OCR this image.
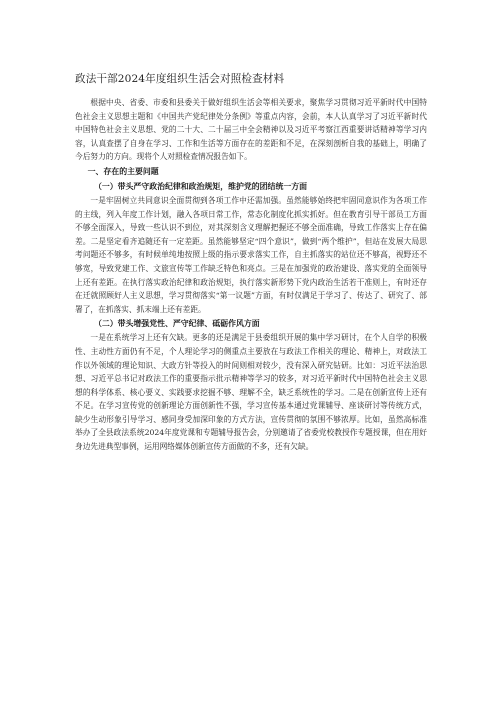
政法干部2024年度组织生活会对照检查材料

根据中央、省委、市委和县委关于做好组织生活会等相关要求，聚焦学习贯彻习近平新时代中国特色社会主义思想主题和《中国共产党纪律处分条例》等重点内容，会前，本人认真学习了习近平新时代中国特色社会主义思想、党的二十大、二十届三中全会精神以及习近平考察江西重要讲话精神等学习内容，认真查摆了自身在学习、工作和生活等方面存在的差距和不足，在深刻剖析自我的基础上，明确了今后努力的方向。现将个人对照检查情况报告如下。

一、存在的主要问题
（一）带头严守政治纪律和政治规矩，维护党的团结统一方面

一是牢固树立共同意识全面贯彻到各项工作中还需加强。虽然能够始终把牢固同意识作为各项工作的主线，列入年度工作计划，融入各项日常工作，常态化制度化抓实抓好。但在教育引导干部员工方面不够全面深入，导致一些认识不到位，对其深刻含义理解把握还不够全面准确，导致工作落实上存在偏差。二是坚定看齐追随还有一定差距。虽然能够坚定“四个意识”，做到“两个维护”，但站在发展大局思考问题还不够多，有时候单纯地按照上级的指示要求落实工作，自主抓落实的站位还不够高，视野还不够宽，导致党建工作、文旅宣传等工作缺乏特色和亮点。三是在加强党的政治建设、落实党的全面领导上还有差距。在执行落实政治纪律和政治规矩，执行落实新形势下党内政治生活若干准则上，有时还存在迁就照顾好人主义思想，学习贯彻落实“第一议题”方面，有时仅满足于学习了、传达了、研究了、部署了，在抓落实、抓末端上还有差距。

（二）带头增强党性、严守纪律、砥砺作风方面

一是在系统学习上还有欠缺。更多的还是满足于县委组织开展的集中学习研讨，在个人自学的积极性、主动性方面仍有不足，个人理论学习的侧重点主要放在与政法工作相关的理论、精神上，对政法工作以外领域的理论知识、大政方针等投入的时间则相对较少，没有深入研究钻研。比如：习近平法治思想、习近平总书记对政法工作的重要指示批示精神等学习的较多，对习近平新时代中国特色社会主义思想的科学体系、核心要义、实践要求挖掘不够、理解不全，缺乏系统性的学习。二是在创新宣传上还有不足。在学习宣传党的创新理论方面创新性不强，学习宣传基本通过党课辅导、座谈研讨等传统方式，缺少生动形象引导学习、感同身受加深印象的方式方法，宣传贯彻的氛围不够浓厚。比如，虽然高标准举办了全县政法系统2024年度党课和专题辅导报告会，分别邀请了省委党校教授作专题授课，但在用好身边先进典型事例，运用网络媒体创新宣传方面做的不多，还有欠缺。
